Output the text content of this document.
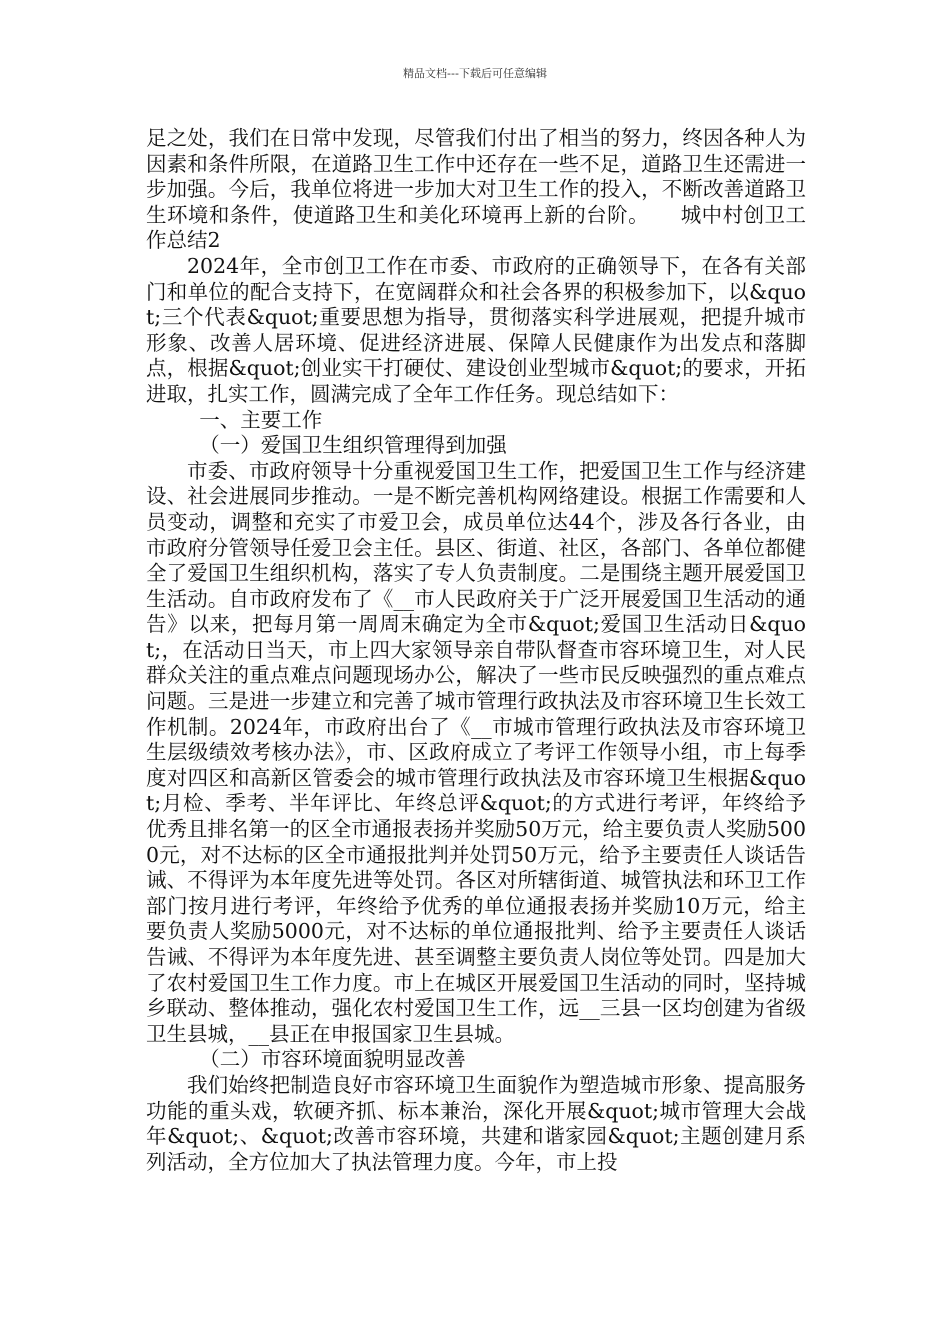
精品文档---下载后可任意编辑

足之处，我们在日常中发现，尽管我们付出了相当的努力，终因各种人为因素和条件所限，在道路卫生工作中还存在一些不足，道路卫生还需进一步加强。今后，我单位将进一步加大对卫生工作的投入，不断改善道路卫生环境和条件，使道路卫生和美化环境再上新的台阶。　　城中村创卫工作总结2

2024年，全市创卫工作在市委、市政府的正确领导下，在各有关部门和单位的配合支持下，在宽阔群众和社会各界的积极参加下，以&quot;三个代表&quot;重要思想为指导，贯彻落实科学进展观，把提升城市形象、改善人居环境、促进经济进展、保障人民健康作为出发点和落脚点，根据&quot;创业实干打硬仗、建设创业型城市&quot;的要求，开拓进取，扎实工作，圆满完成了全年工作任务。现总结如下：

一、主要工作

（一）爱国卫生组织管理得到加强

市委、市政府领导十分重视爱国卫生工作，把爱国卫生工作与经济建设、社会进展同步推动。一是不断完善机构网络建设。根据工作需要和人员变动，调整和充实了市爱卫会，成员单位达44个，涉及各行各业，由市政府分管领导任爱卫会主任。县区、街道、社区，各部门、各单位都健全了爱国卫生组织机构，落实了专人负责制度。二是围绕主题开展爱国卫生活动。自市政府发布了《__市人民政府关于广泛开展爱国卫生活动的通告》以来，把每月第一周周末确定为全市&quot;爱国卫生活动日&quot;，在活动日当天，市上四大家领导亲自带队督查市容环境卫生，对人民群众关注的重点难点问题现场办公，解决了一些市民反映强烈的重点难点问题。三是进一步建立和完善了城市管理行政执法及市容环境卫生长效工作机制。2024年，市政府出台了《__市城市管理行政执法及市容环境卫生层级绩效考核办法》，市、区政府成立了考评工作领导小组，市上每季度对四区和高新区管委会的城市管理行政执法及市容环境卫生根据&quot;月检、季考、半年评比、年终总评&quot;的方式进行考评，年终给予优秀且排名第一的区全市通报表扬并奖励50万元，给主要负责人奖励5000元，对不达标的区全市通报批判并处罚50万元，给予主要责任人谈话告诫、不得评为本年度先进等处罚。各区对所辖街道、城管执法和环卫工作部门按月进行考评，年终给予优秀的单位通报表扬并奖励10万元，给主要负责人奖励5000元，对不达标的单位通报批判、给予主要责任人谈话告诫、不得评为本年度先进、甚至调整主要负责人岗位等处罚。四是加大了农村爱国卫生工作力度。市上在城区开展爱国卫生活动的同时，坚持城乡联动、整体推动，强化农村爱国卫生工作，远__三县一区均创建为省级卫生县城，__县正在申报国家卫生县城。

（二）市容环境面貌明显改善

我们始终把制造良好市容环境卫生面貌作为塑造城市形象、提高服务功能的重头戏，软硬齐抓、标本兼治，深化开展&quot;城市管理大会战年&quot;、&quot;改善市容环境，共建和谐家园&quot;主题创建月系列活动，全方位加大了执法管理力度。今年，市上投
